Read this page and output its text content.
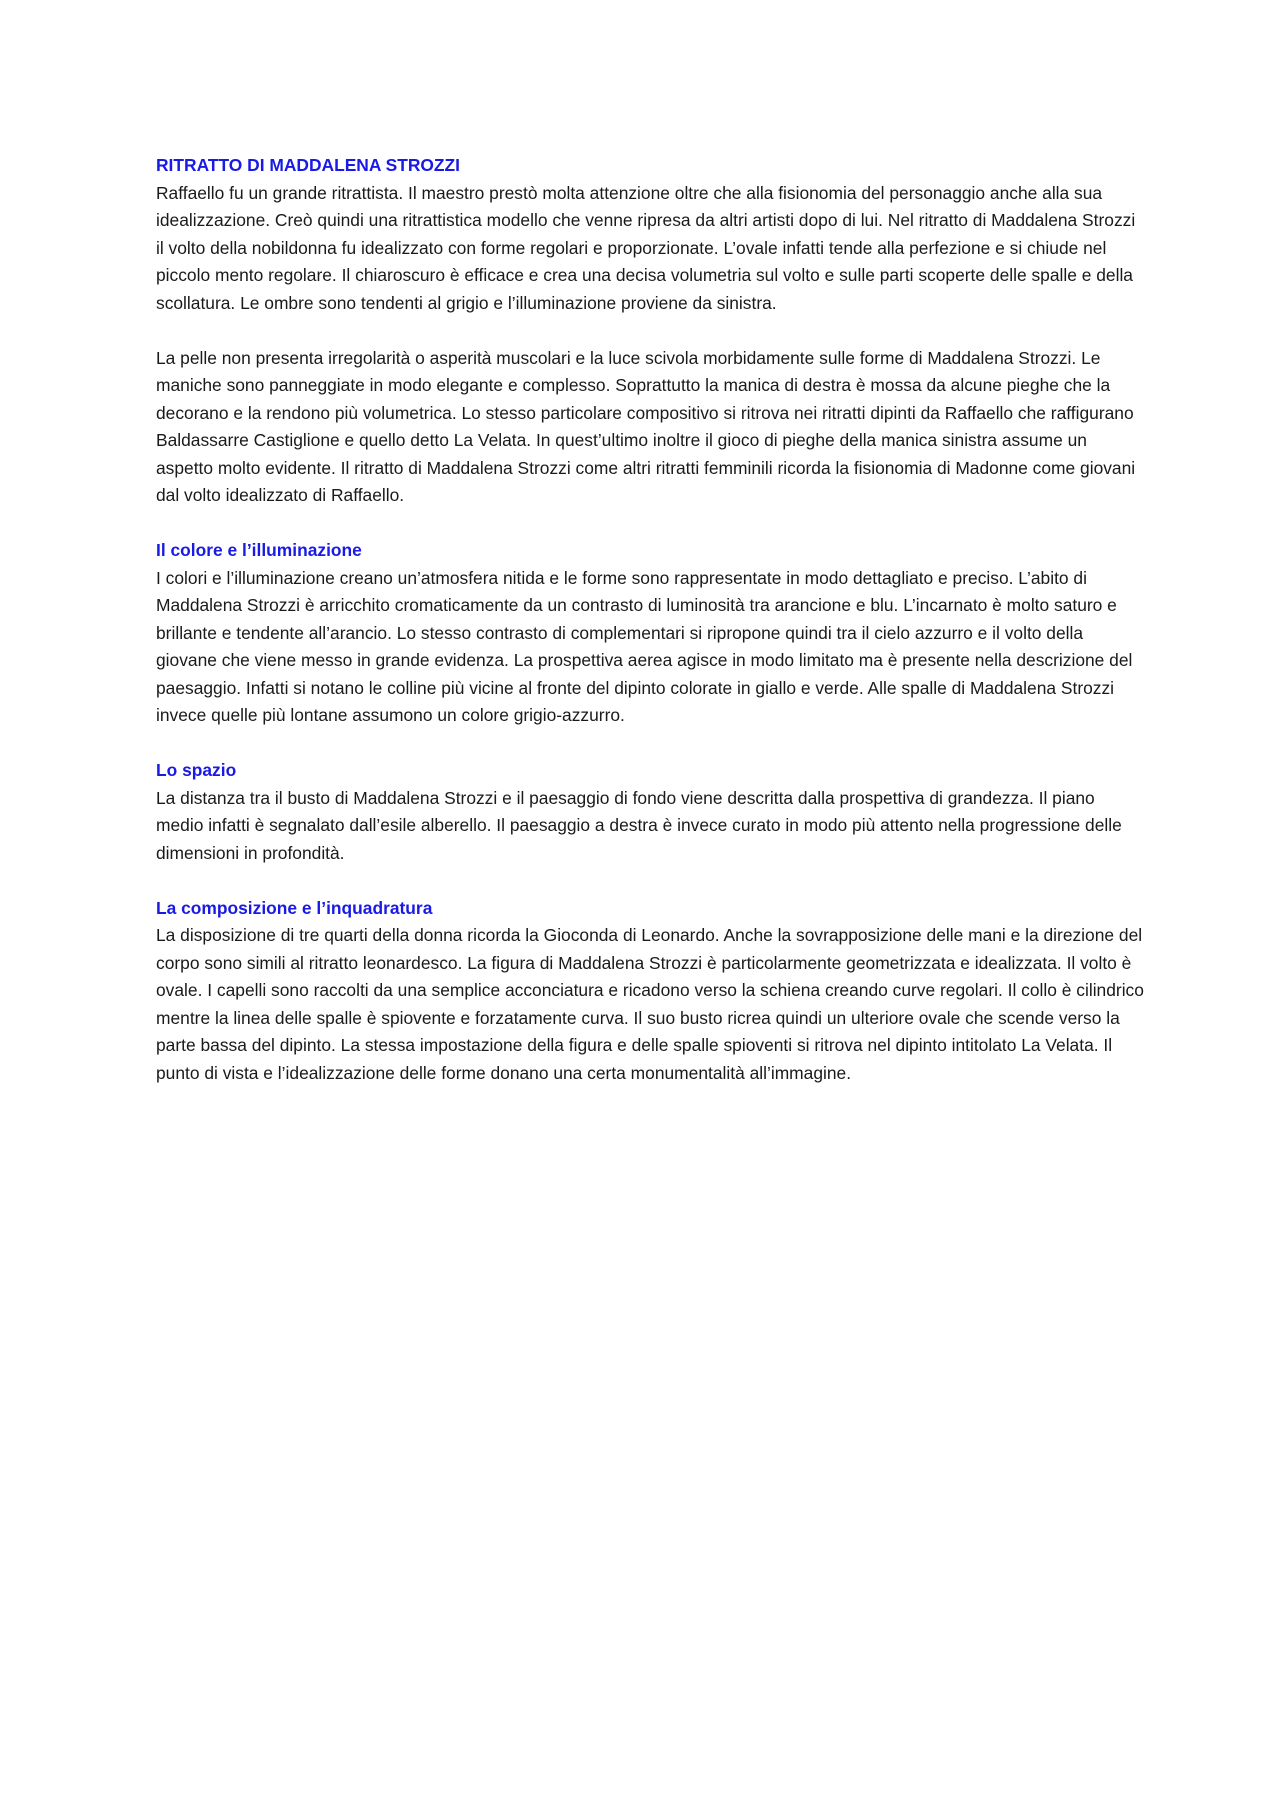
RITRATTO DI MADDALENA STROZZI

Raffaello fu un grande ritrattista. Il maestro prestò molta attenzione oltre che alla fisionomia del personaggio anche alla sua idealizzazione. Creò quindi una ritrattistica modello che venne ripresa da altri artisti dopo di lui. Nel ritratto di Maddalena Strozzi il volto della nobildonna fu idealizzato con forme regolari e proporzionate. L’ovale infatti tende alla perfezione e si chiude nel piccolo mento regolare. Il chiaroscuro è efficace e crea una decisa volumetria sul volto e sulle parti scoperte delle spalle e della scollatura. Le ombre sono tendenti al grigio e l’illuminazione proviene da sinistra.

La pelle non presenta irregolarità o asperità muscolari e la luce scivola morbidamente sulle forme di Maddalena Strozzi. Le maniche sono panneggiate in modo elegante e complesso. Soprattutto la manica di destra è mossa da alcune pieghe che la decorano e la rendono più volumetrica. Lo stesso particolare compositivo si ritrova nei ritratti dipinti da Raffaello che raffigurano Baldassarre Castiglione e quello detto La Velata. In quest’ultimo inoltre il gioco di pieghe della manica sinistra assume un aspetto molto evidente. Il ritratto di Maddalena Strozzi come altri ritratti femminili ricorda la fisionomia di Madonne come giovani dal volto idealizzato di Raffaello.

Il colore e l’illuminazione

I colori e l’illuminazione creano un’atmosfera nitida e le forme sono rappresentate in modo dettagliato e preciso. L’abito di Maddalena Strozzi è arricchito cromaticamente da un contrasto di luminosità tra arancione e blu. L’incarnato è molto saturo e brillante e tendente all’arancio. Lo stesso contrasto di complementari si ripropone quindi tra il cielo azzurro e il volto della giovane che viene messo in grande evidenza. La prospettiva aerea agisce in modo limitato ma è presente nella descrizione del paesaggio. Infatti si notano le colline più vicine al fronte del dipinto colorate in giallo e verde. Alle spalle di Maddalena Strozzi invece quelle più lontane assumono un colore grigio-azzurro.

Lo spazio

La distanza tra il busto di Maddalena Strozzi e il paesaggio di fondo viene descritta dalla prospettiva di grandezza. Il piano medio infatti è segnalato dall’esile alberello. Il paesaggio a destra è invece curato in modo più attento nella progressione delle dimensioni in profondità.

La composizione e l’inquadratura

La disposizione di tre quarti della donna ricorda la Gioconda di Leonardo. Anche la sovrapposizione delle mani e la direzione del corpo sono simili al ritratto leonardesco. La figura di Maddalena Strozzi è particolarmente geometrizzata e idealizzata. Il volto è ovale. I capelli sono raccolti da una semplice acconciatura e ricadono verso la schiena creando curve regolari. Il collo è cilindrico mentre la linea delle spalle è spiovente e forzatamente curva. Il suo busto ricrea quindi un ulteriore ovale che scende verso la parte bassa del dipinto. La stessa impostazione della figura e delle spalle spioventi si ritrova nel dipinto intitolato La Velata. Il punto di vista e l’idealizzazione delle forme donano una certa monumentalità all’immagine.
